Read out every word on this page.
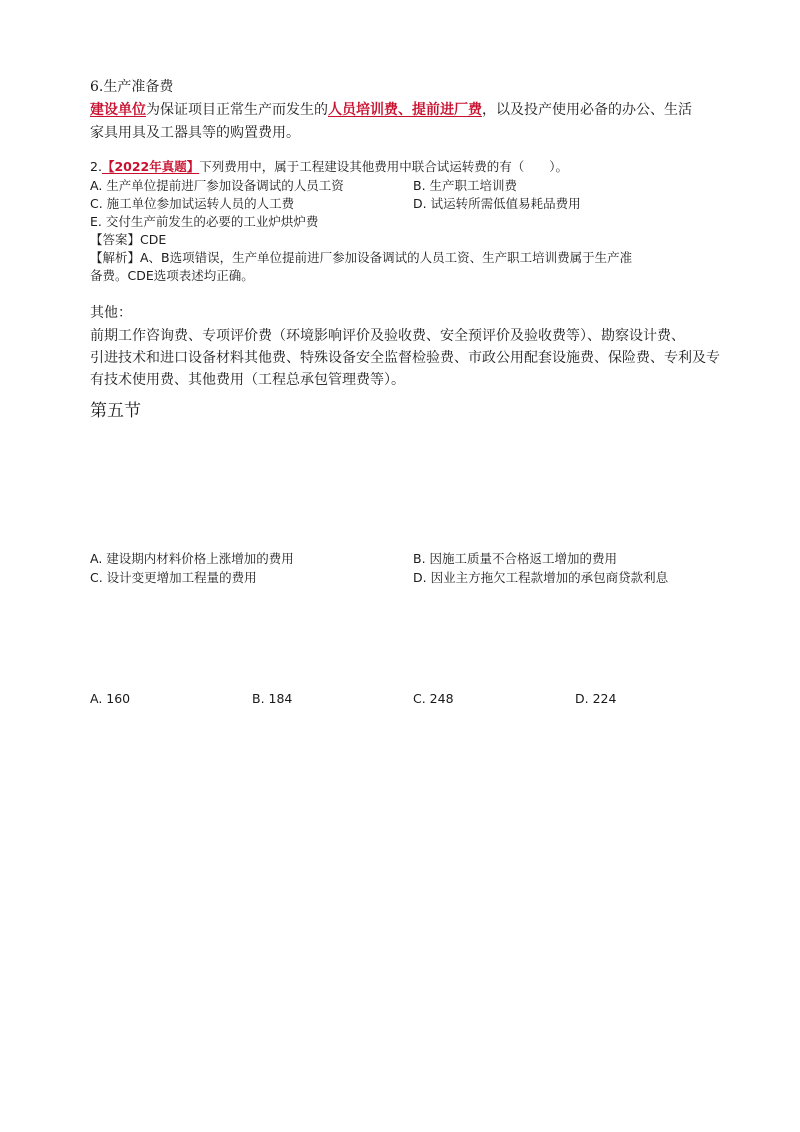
6.生产准备费
建设单位为保证项目正常生产而发生的人员培训费、提前进厂费，以及投产使用必备的办公、生活
家具用具及工器具等的购置费用。
2.【2022年真题】下列费用中，属于工程建设其他费用中联合试运转费的有（　　）。
A. 生产单位提前进厂参加设备调试的人员工资	B. 生产职工培训费
C. 施工单位参加试运转人员的人工费	D. 试运转所需低值易耗品费用
E. 交付生产前发生的必要的工业炉烘炉费
【答案】CDE
【解析】A、B选项错误，生产单位提前进厂参加设备调试的人员工资、生产职工培训费属于生产准
备费。CDE选项表述均正确。
其他：
前期工作咨询费、专项评价费（环境影响评价及验收费、安全预评价及验收费等）、勘察设计费、
引进技术和进口设备材料其他费、特殊设备安全监督检验费、市政公用配套设施费、保险费、专利及专
有技术使用费、其他费用（工程总承包管理费等）。
第五节
A. 建设期内材料价格上涨增加的费用	B. 因施工质量不合格返工增加的费用
C. 设计变更增加工程量的费用	D. 因业主方拖欠工程款增加的承包商贷款利息
A. 160	B. 184	C. 248	D. 224
